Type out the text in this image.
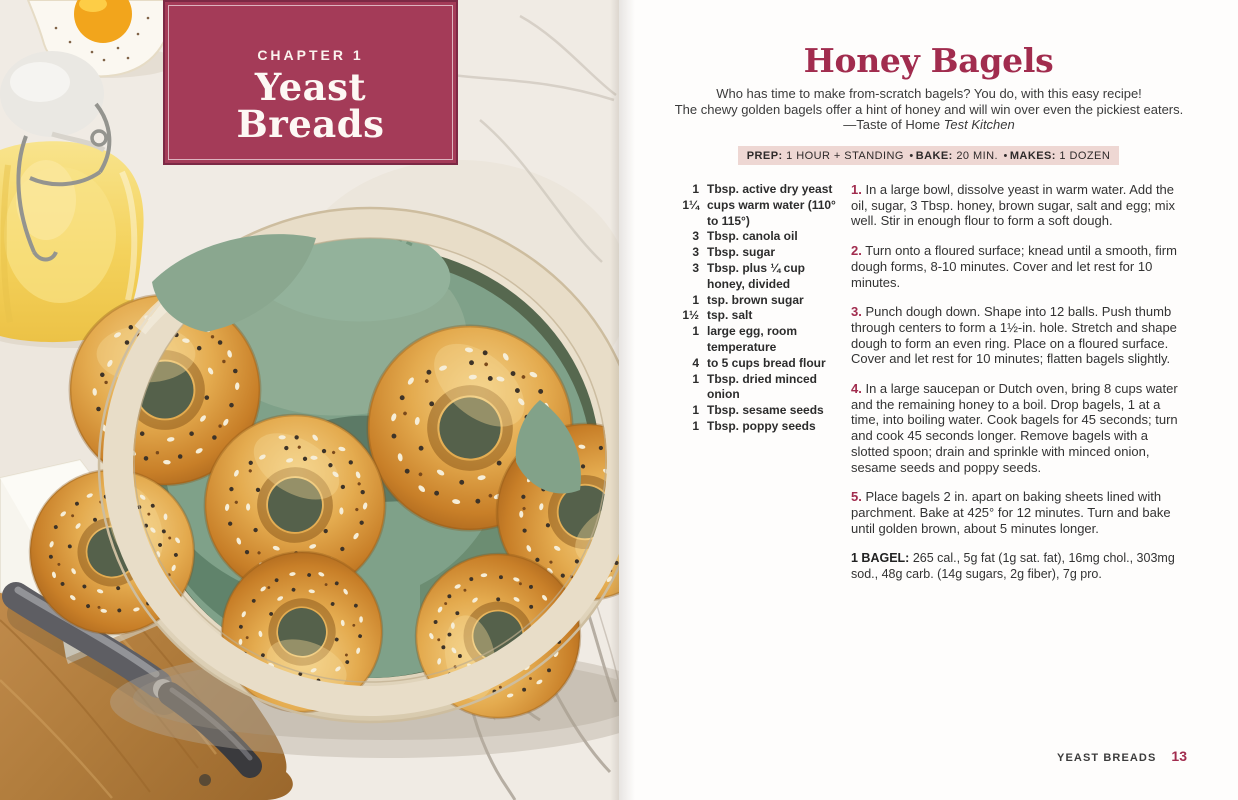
CHAPTER 1
Yeast
Breads
Honey Bagels

Who has time to make from-scratch bagels? You do, with this easy recipe!
The chewy golden bagels offer a hint of honey and will win over even the pickiest eaters.
—Taste of Home Test Kitchen

PREP: 1 HOUR + STANDING • BAKE: 20 MIN. • MAKES: 1 DOZEN
1 Tbsp. active dry yeast
1¼ cups warm water (110° to 115°)
3 Tbsp. canola oil
3 Tbsp. sugar
3 Tbsp. plus ¼ cup honey, divided
1 tsp. brown sugar
1½ tsp. salt
1 large egg, room temperature
4 to 5 cups bread flour
1 Tbsp. dried minced onion
1 Tbsp. sesame seeds
1 Tbsp. poppy seeds

1. In a large bowl, dissolve yeast in warm water. Add the oil, sugar, 3 Tbsp. honey, brown sugar, salt and egg; mix well. Stir in enough flour to form a soft dough.

2. Turn onto a floured surface; knead until a smooth, firm dough forms, 8-10 minutes. Cover and let rest for 10 minutes.

3. Punch dough down. Shape into 12 balls. Push thumb through centers to form a 1½-in. hole. Stretch and shape dough to form an even ring. Place on a floured surface. Cover and let rest for 10 minutes; flatten bagels slightly.

4. In a large saucepan or Dutch oven, bring 8 cups water and the remaining honey to a boil. Drop bagels, 1 at a time, into boiling water. Cook bagels for 45 seconds; turn and cook 45 seconds longer. Remove bagels with a slotted spoon; drain and sprinkle with minced onion, sesame seeds and poppy seeds.

5. Place bagels 2 in. apart on baking sheets lined with parchment. Bake at 425° for 12 minutes. Turn and bake until golden brown, about 5 minutes longer.

1 BAGEL: 265 cal., 5g fat (1g sat. fat), 16mg chol., 303mg sod., 48g carb. (14g sugars, 2g fiber), 7g pro.

YEAST BREADS 13
